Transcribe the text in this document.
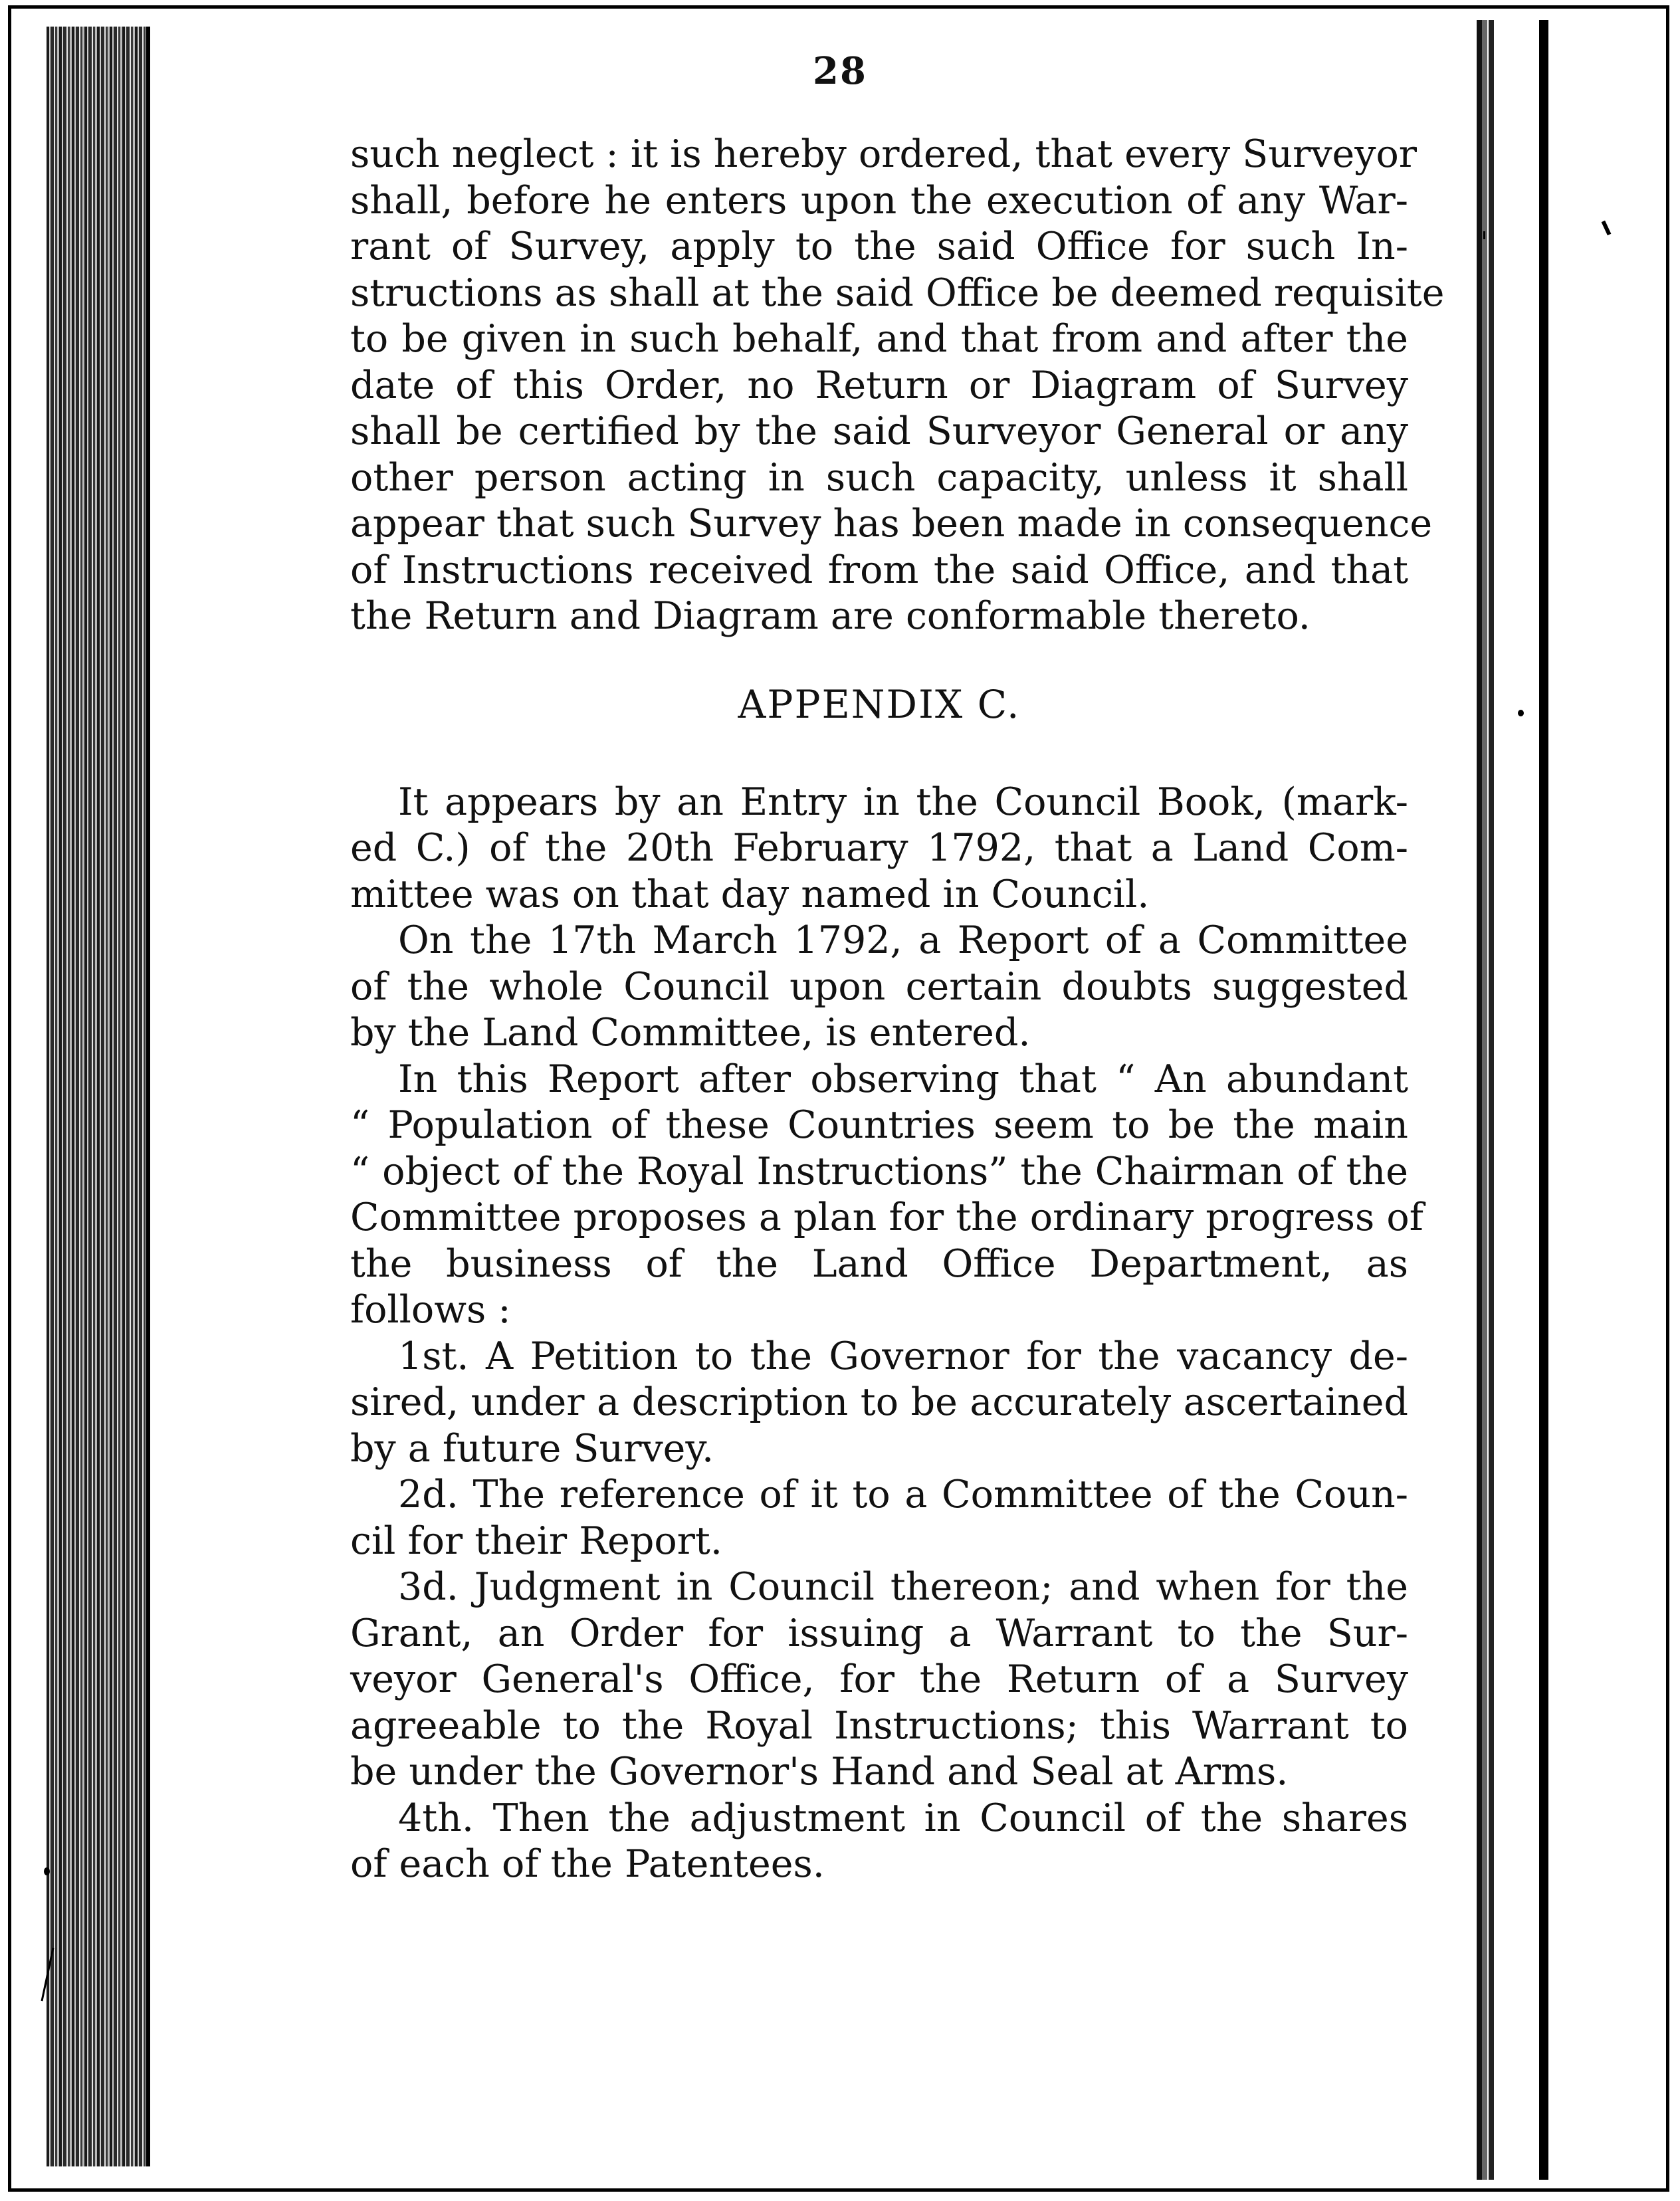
28
such neglect : it is hereby ordered, that every Surveyor
shall, before he enters upon the execution of any War-
rant of Survey, apply to the said Office for such In-
structions as shall at the said Office be deemed requisite
to be given in such behalf, and that from and after the
date of this Order, no Return or Diagram of Survey
shall be certified by the said Surveyor General or any
other person acting in such capacity, unless it shall
appear that such Survey has been made in consequence
of Instructions received from the said Office, and that
the Return and Diagram are conformable thereto.
APPENDIX C.
It appears by an Entry in the Council Book, (mark-
ed C.) of the 20th February 1792, that a Land Com-
mittee was on that day named in Council.
On the 17th March 1792, a Report of a Committee
of the whole Council upon certain doubts suggested
by the Land Committee, is entered.
In this Report after observing that “ An abundant
“ Population of these Countries seem to be the main
“ object of the Royal Instructions” the Chairman of the
Committee proposes a plan for the ordinary progress of
the business of the Land Office Department, as
follows :
1st. A Petition to the Governor for the vacancy de-
sired, under a description to be accurately ascertained
by a future Survey.
2d. The reference of it to a Committee of the Coun-
cil for their Report.
3d. Judgment in Council thereon; and when for the
Grant, an Order for issuing a Warrant to the Sur-
veyor General's Office, for the Return of a Survey
agreeable to the Royal Instructions; this Warrant to
be under the Governor's Hand and Seal at Arms.
4th. Then the adjustment in Council of the shares
of each of the Patentees.
